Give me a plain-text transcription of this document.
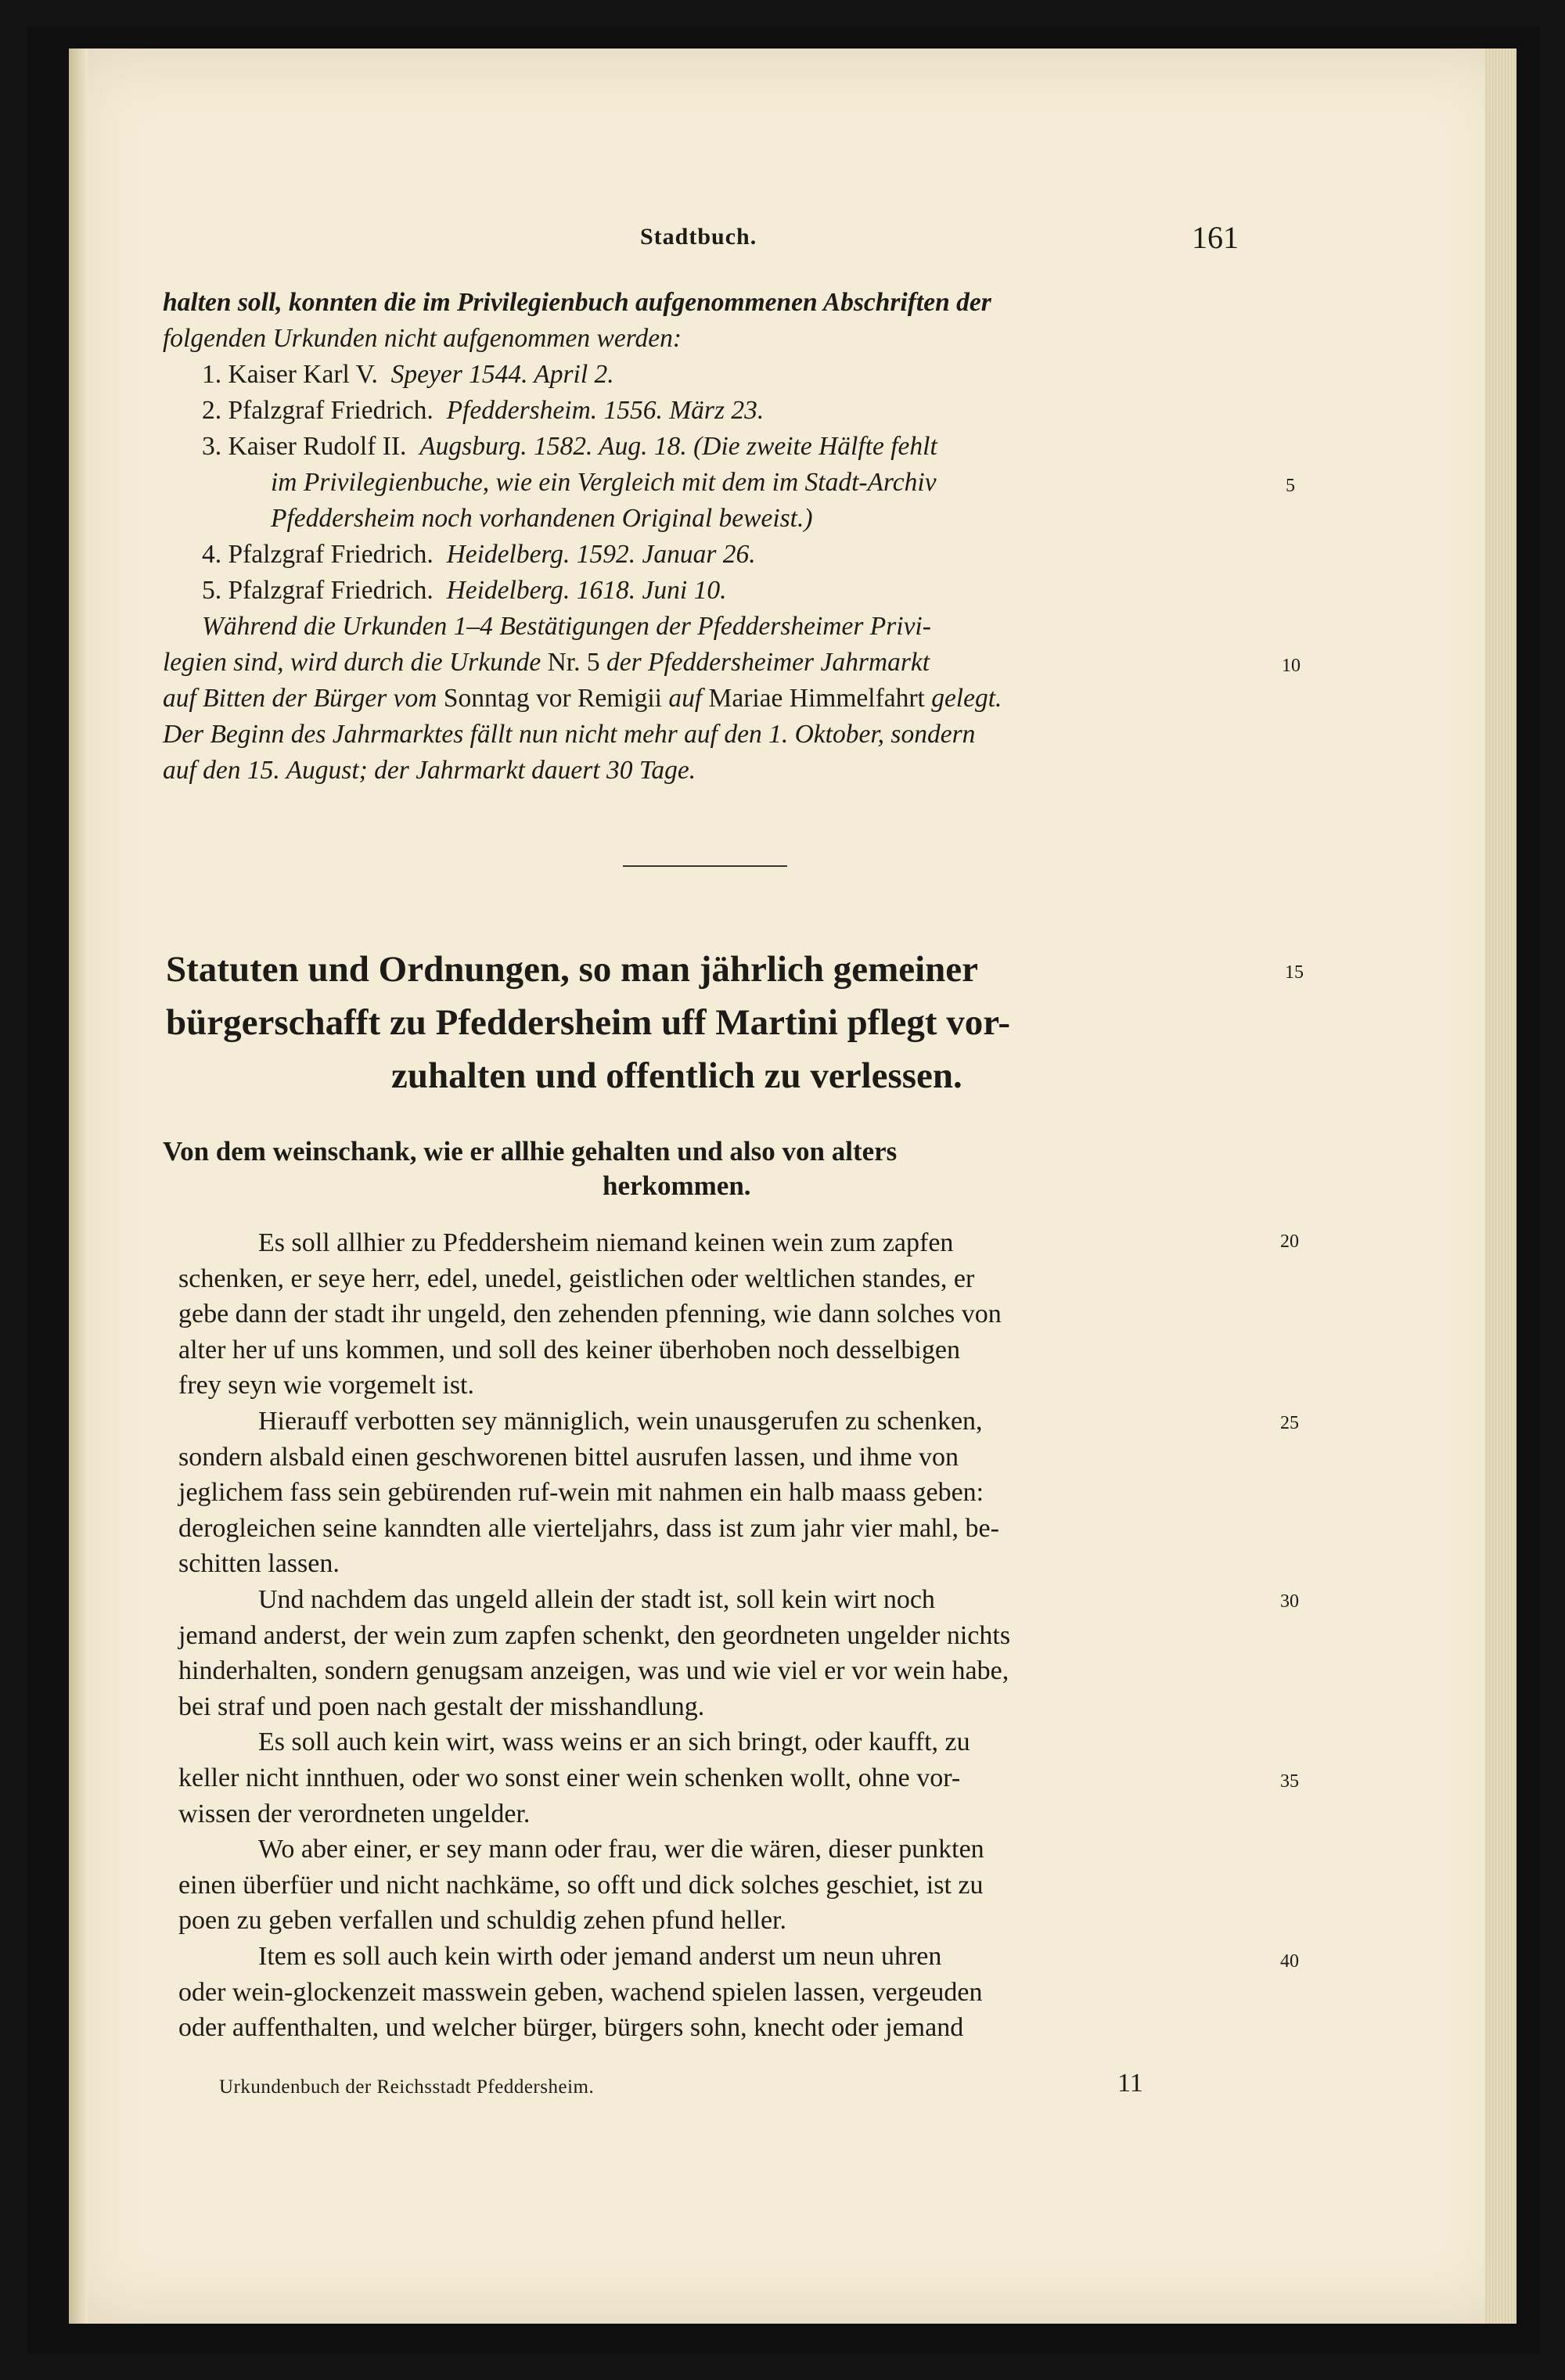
Stadtbuch.	161
halten soll, konnten die im Privilegienbuch aufgenommenen Abschriften der
folgenden Urkunden nicht aufgenommen werden:
1. Kaiser Karl V. Speyer 1544. April 2.
2. Pfalzgraf Friedrich. Pfeddersheim. 1556. März 23.
3. Kaiser Rudolf II. Augsburg. 1582. Aug. 18. (Die zweite Hälfte fehlt
im Privilegienbuche, wie ein Vergleich mit dem im Stadt-Archiv
Pfeddersheim noch vorhandenen Original beweist.)
4. Pfalzgraf Friedrich. Heidelberg. 1592. Januar 26.
5. Pfalzgraf Friedrich. Heidelberg. 1618. Juni 10.
Während die Urkunden 1–4 Bestätigungen der Pfeddersheimer Privi-
legien sind, wird durch die Urkunde Nr. 5 der Pfeddersheimer Jahrmarkt
auf Bitten der Bürger vom Sonntag vor Remigii auf Mariae Himmelfahrt gelegt.
Der Beginn des Jahrmarktes fällt nun nicht mehr auf den 1. Oktober, sondern
auf den 15. August; der Jahrmarkt dauert 30 Tage.
Statuten und Ordnungen, so man jährlich gemeiner
bürgerschafft zu Pfeddersheim uff Martini pflegt vor-
zuhalten und offentlich zu verlessen.
Von dem weinschank, wie er allhie gehalten und also von alters
herkommen.
Es soll allhier zu Pfeddersheim niemand keinen wein zum zapfen
schenken, er seye herr, edel, unedel, geistlichen oder weltlichen standes, er
gebe dann der stadt ihr ungeld, den zehenden pfenning, wie dann solches von
alter her uf uns kommen, und soll des keiner überhoben noch desselbigen
frey seyn wie vorgemelt ist.
Hierauff verbotten sey männiglich, wein unausgerufen zu schenken,
sondern alsbald einen geschworenen bittel ausrufen lassen, und ihme von
jeglichem fass sein gebürenden ruf-wein mit nahmen ein halb maass geben:
derogleichen seine kanndten alle vierteljahrs, dass ist zum jahr vier mahl, be-
schitten lassen.
Und nachdem das ungeld allein der stadt ist, soll kein wirt noch
jemand anderst, der wein zum zapfen schenkt, den geordneten ungelder nichts
hinderhalten, sondern genugsam anzeigen, was und wie viel er vor wein habe,
bei straf und poen nach gestalt der misshandlung.
Es soll auch kein wirt, wass weins er an sich bringt, oder kaufft, zu
keller nicht innthuen, oder wo sonst einer wein schenken wollt, ohne vor-
wissen der verordneten ungelder.
Wo aber einer, er sey mann oder frau, wer die wären, dieser punkten
einen überfüer und nicht nachkäme, so offt und dick solches geschiet, ist zu
poen zu geben verfallen und schuldig zehen pfund heller.
Item es soll auch kein wirth oder jemand anderst um neun uhren
oder wein-glockenzeit masswein geben, wachend spielen lassen, vergeuden
oder auffenthalten, und welcher bürger, bürgers sohn, knecht oder jemand
5
10
15
20
25
30
35
40
Urkundenbuch der Reichsstadt Pfeddersheim.	11
